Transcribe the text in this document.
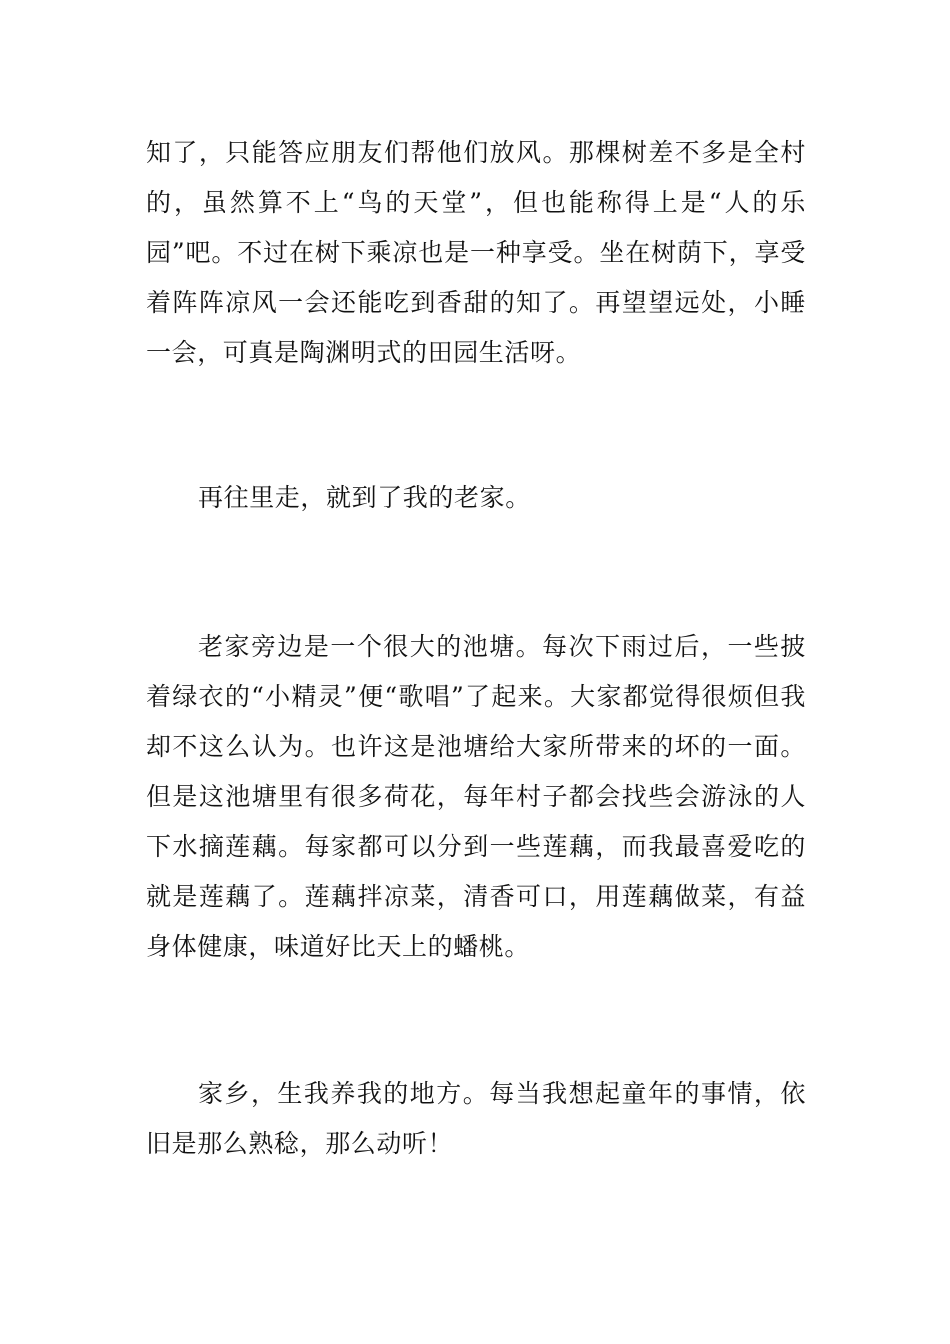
知了，只能答应朋友们帮他们放风。那棵树差不多是全村的，虽然算不上“鸟的天堂”，但也能称得上是“人的乐园”吧。不过在树下乘凉也是一种享受。坐在树荫下，享受着阵阵凉风一会还能吃到香甜的知了。再望望远处，小睡一会，可真是陶渊明式的田园生活呀。

再往里走，就到了我的老家。

老家旁边是一个很大的池塘。每次下雨过后，一些披着绿衣的“小精灵”便“歌唱”了起来。大家都觉得很烦但我却不这么认为。也许这是池塘给大家所带来的坏的一面。但是这池塘里有很多荷花，每年村子都会找些会游泳的人下水摘莲藕。每家都可以分到一些莲藕，而我最喜爱吃的就是莲藕了。莲藕拌凉菜，清香可口，用莲藕做菜，有益身体健康，味道好比天上的蟠桃。

家乡，生我养我的地方。每当我想起童年的事情，依旧是那么熟稔，那么动听！
